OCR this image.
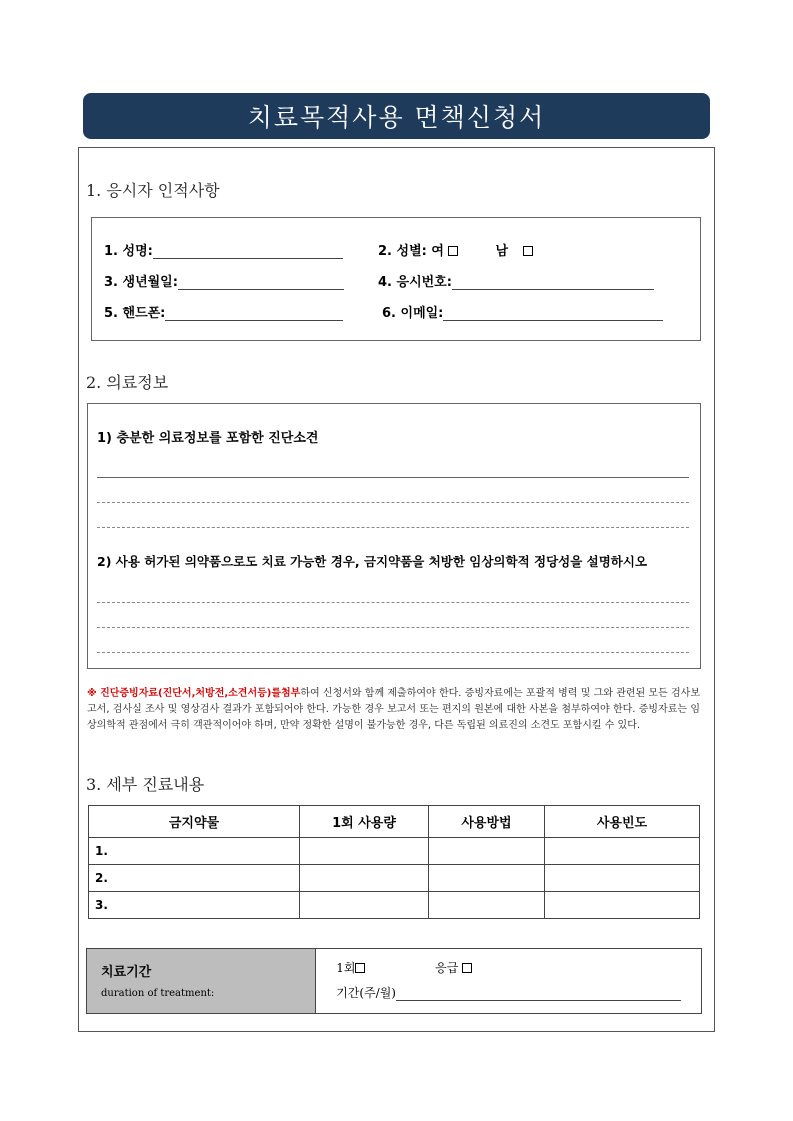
치료목적사용 면책신청서
1. 응시자 인적사항
1. 성명:	2. 성별: 여	남
3. 생년월일:	4. 응시번호:
5. 핸드폰:	6. 이메일:
2. 의료정보
1) 충분한 의료정보를 포함한 진단소견
2) 사용 허가된 의약품으로도 치료 가능한 경우, 금지약품을 처방한 임상의학적 정당성을 설명하시오
※ 진단증빙자료(진단서,처방전,소견서등)를첨부하여 신청서와 함께 제출하여야 한다. 증빙자료에는 포괄적 병력 및 그와 관련된 모든 검사보고서, 검사실 조사 및 영상검사 결과가 포함되어야 한다. 가능한 경우 보고서 또는 편지의 원본에 대한 사본을 첨부하여야 한다. 증빙자료는 임상의학적 관점에서 극히 객관적이어야 하며, 만약 정확한 설명이 불가능한 경우, 다른 독립된 의료진의 소견도 포함시킬 수 있다.
3. 세부 진료내용
금지약물	1회 사용량	사용방법	사용빈도
1.			
2.			
3.			
치료기간
duration of treatment:
1회	응급
기간(주/월)
